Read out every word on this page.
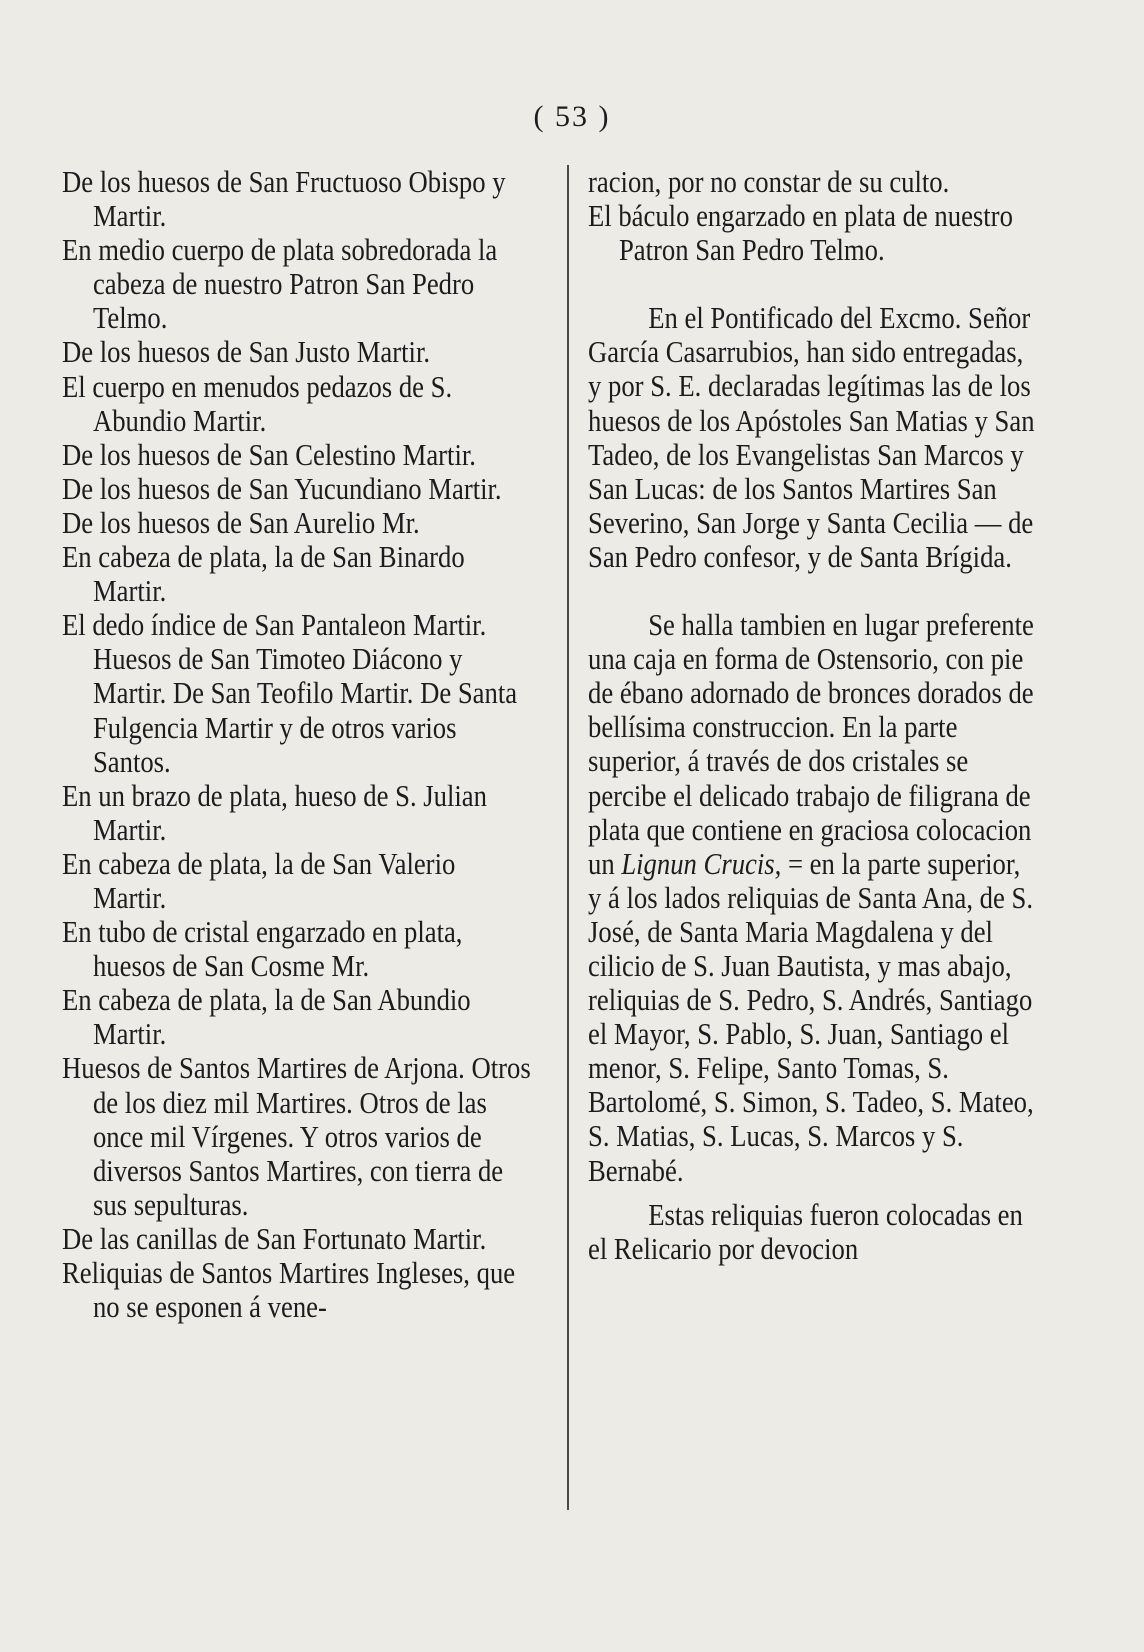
( 53 )

De los huesos de San Fructuoso Obispo y Martir.

En medio cuerpo de plata sobredorada la cabeza de nuestro Patron San Pedro Telmo.

De los huesos de San Justo Martir.

El cuerpo en menudos pedazos de S. Abundio Martir.

De los huesos de San Celestino Martir.

De los huesos de San Yucundiano Martir.

De los huesos de San Aurelio Mr.

En cabeza de plata, la de San Binardo Martir.

El dedo índice de San Pantaleon Martir. Huesos de San Timoteo Diácono y Martir. De San Teofilo Martir. De Santa Fulgencia Martir y de otros varios Santos.

En un brazo de plata, hueso de S. Julian Martir.

En cabeza de plata, la de San Valerio Martir.

En tubo de cristal engarzado en plata, huesos de San Cosme Mr.

En cabeza de plata, la de San Abundio Martir.

Huesos de Santos Martires de Arjona. Otros de los diez mil Martires. Otros de las once mil Vírgenes. Y otros varios de diversos Santos Martires, con tierra de sus sepulturas.

De las canillas de San Fortunato Martir.

Reliquias de Santos Martires Ingleses, que no se esponen á vene-

racion, por no constar de su culto.

El báculo engarzado en plata de nuestro Patron San Pedro Telmo.

En el Pontificado del Excmo. Señor García Casarrubios, han sido entregadas, y por S. E. declaradas legítimas las de los huesos de los Apóstoles San Matias y San Tadeo, de los Evangelistas San Marcos y San Lucas: de los Santos Martires San Severino, San Jorge y Santa Cecilia — de San Pedro confesor, y de Santa Brígida.

Se halla tambien en lugar preferente una caja en forma de Ostensorio, con pie de ébano adornado de bronces dorados de bellísima construccion. En la parte superior, á través de dos cristales se percibe el delicado trabajo de filigrana de plata que contiene en graciosa colocacion un Lignun Crucis, = en la parte superior, y á los lados reliquias de Santa Ana, de S. José, de Santa Maria Magdalena y del cilicio de S. Juan Bautista, y mas abajo, reliquias de S. Pedro, S. Andrés, Santiago el Mayor, S. Pablo, S. Juan, Santiago el menor, S. Felipe, Santo Tomas, S. Bartolomé, S. Simon, S. Tadeo, S. Mateo, S. Matias, S. Lucas, S. Marcos y S. Bernabé.

Estas reliquias fueron colocadas en el Relicario por devocion
